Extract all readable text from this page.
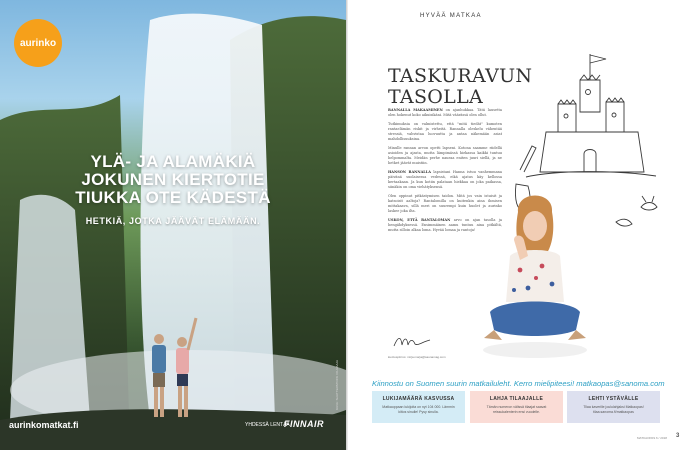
aurinko
YLÄ- JA ALAMÄKIÄ
JOKUNEN KIERTOTIE
TIUKKA OTE KÄDESTÄ
HETKIÄ, JOTKA JÄÄVÄT ELÄMÄÄN.
aurinkomatkat.fi	YHDESSÄ LENTÄÄ
FINNAIR
KUVA: SHUTTERSTOCK / KUVAAJA
HYVÄÄ MATKAA
TASKURAVUN
TASOLLA

RANNALLA MAKAAMINEN on ajanhukkaa. Tätä lausetta olen hokenut koko aikuisikäni. Mitä väärässä olen ollut.

Tutkimuksia on valmistettu, että "mitä tiedät" kumoten rantaelämän riskit ja virheitä. Rannalla oleskelu vähentää stressiä, vahvistaa luovuutta ja antaa näkemään asiat mahdollisuuksina.

Minulle rannan arvon opetti lapseni. Kotona saamme riidellä asioiden ja ajasta, mutta lämpimässä hiekassa kaikki tuntuu helpommalta. Meidän perhe nauraa eniten juuri siellä, ja ne hetket jäävät muistiin.

HANSON RANNALLA lapsistani Hanna istuu vanhemmana päivänä suolaisessa vedessä, eikä ajatus käy kellossa kertaakaan. Ja kun kotiin palataan hiekkaa on joka paikassa, siinäkin on oma viehätyksensä.

Olen oppinut pitkästymisen taidon. Mitä jos vain istuisit ja katsoisit aaltoja? Rantalomilla on kuitenkin aina ihmisen mittakaava, sillä meri on suurempi kuin huolet ja aurinko laskee joka ilta.

USKON, ETTÄ RANTALOMAN arvo on ajan tasolla ja hengähdyksessä. Ensimmäinen aamu tuntuu aina pitkältä, mutta silloin alkaa loma. Hyvää lomaa ja rantoja!

kuvituspiirros: mirja.marja@saunamag.com
Kiinnostu on Suomen suurin matkailuleht. Kerro mielipiteesi! matkaopas@sanoma.com
LUKIJAMÄÄRÄ KASVUSSA
Matkaoppaan lukijoita on nyt 104 000. Lämmin kiitos sinulle! Pysy sinulla.
LAHJA TILAAJALLE
Tämän numeron välissä tilaajat saavat reissukalenterin ensi vuodelle.
LEHTI YSTÄVÄLLE
Tilaa kaverille joululahjaksi Matkaopas! tilaa.sanoma.fi/matkaopas
MATKAOPAS 6 / 2018 3
